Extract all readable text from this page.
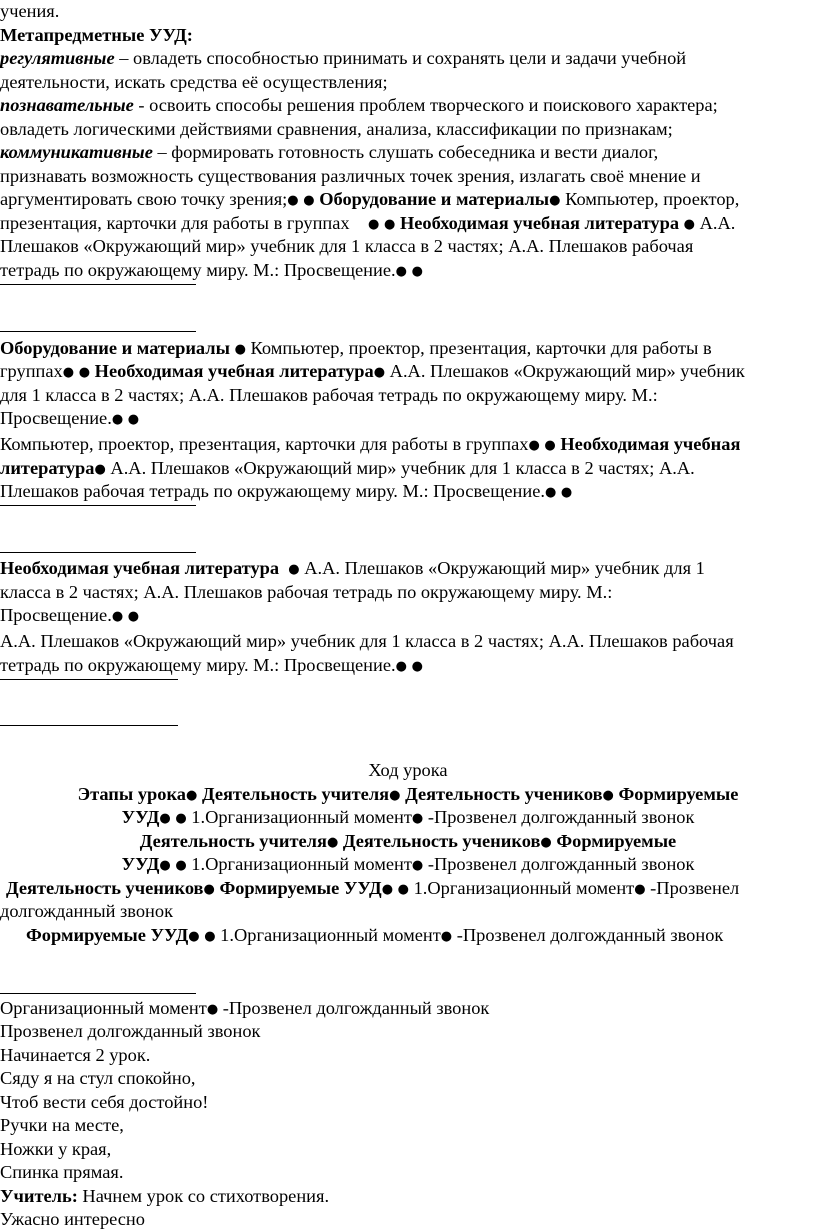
учения.

Метапредметные УУД:

регулятивные – овладеть способностью принимать и сохранять цели и задачи учебной

деятельности, искать средства её осуществления;

познавательные - освоить способы решения проблем творческого и поискового характера;

овладеть логическими действиями сравнения, анализа, классификации по признакам;

коммуникативные – формировать готовность слушать собеседника и вести диалог,

признавать возможность существования различных точек зрения, излагать своё мнение и

аргументировать свою точку зрения;● ● Оборудование и материалы● Компьютер, проектор,

презентация, карточки для работы в группах ● ● Необходимая учебная литература ● А.А.

Плешаков «Окружающий мир» учебник для 1 класса в 2 частях; А.А. Плешаков рабочая

тетрадь по окружающему миру. М.: Просвещение.● ●

Оборудование и материалы ● Компьютер, проектор, презентация, карточки для работы в

группах● ● Необходимая учебная литература● А.А. Плешаков «Окружающий мир» учебник

для 1 класса в 2 частях; А.А. Плешаков рабочая тетрадь по окружающему миру. М.:

Просвещение.● ●

Компьютер, проектор, презентация, карточки для работы в группах● ● Необходимая учебная

литература● А.А. Плешаков «Окружающий мир» учебник для 1 класса в 2 частях; А.А.

Плешаков рабочая тетрадь по окружающему миру. М.: Просвещение.● ●

Необходимая учебная литература ● А.А. Плешаков «Окружающий мир» учебник для 1

класса в 2 частях; А.А. Плешаков рабочая тетрадь по окружающему миру. М.:

Просвещение.● ●

А.А. Плешаков «Окружающий мир» учебник для 1 класса в 2 частях; А.А. Плешаков рабочая

тетрадь по окружающему миру. М.: Просвещение.● ●

Ход урока

Этапы урока● Деятельность учителя● Деятельность учеников● Формируемые

УУД● ● 1.Организационный момент● -Прозвенел долгожданный звонок

Деятельность учителя● Деятельность учеников● Формируемые

УУД● ● 1.Организационный момент● -Прозвенел долгожданный звонок

Деятельность учеников● Формируемые УУД● ● 1.Организационный момент● -Прозвенел

долгожданный звонок

Формируемые УУД● ● 1.Организационный момент● -Прозвенел долгожданный звонок

Организационный момент● -Прозвенел долгожданный звонок

Прозвенел долгожданный звонок

Начинается 2 урок.

Сяду я на стул спокойно,

Чтоб вести себя достойно!

Ручки на месте,

Ножки у края,

Спинка прямая.

Учитель: Начнем урок со стихотворения.

Ужасно интересно
